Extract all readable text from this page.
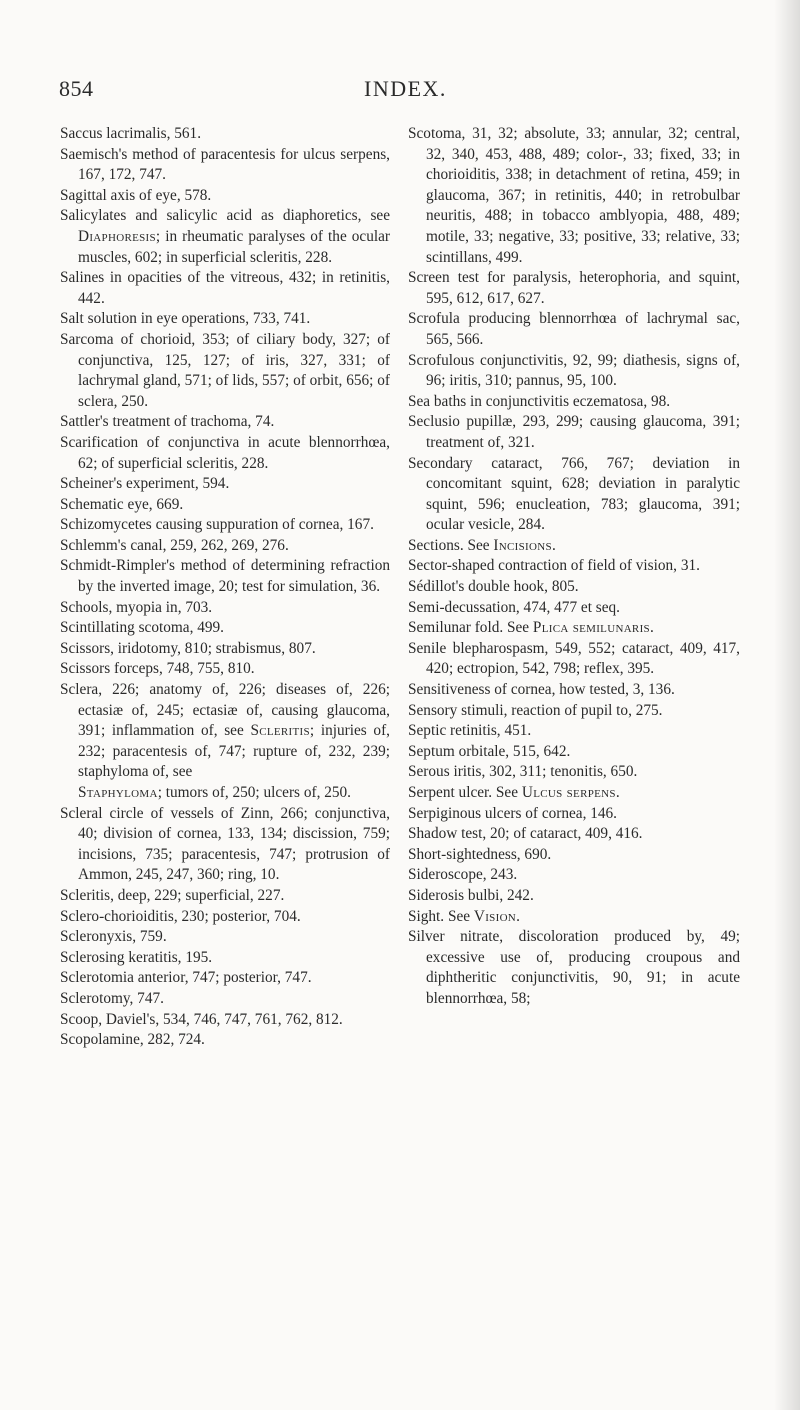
854	INDEX.

Saccus lacrimalis, 561.

Saemisch's method of paracentesis for ulcus serpens, 167, 172, 747.

Sagittal axis of eye, 578.

Salicylates and salicylic acid as diaphoretics, see Diaphoresis; in rheumatic paralyses of the ocular muscles, 602; in superficial scleritis, 228.

Salines in opacities of the vitreous, 432; in retinitis, 442.

Salt solution in eye operations, 733, 741.

Sarcoma of chorioid, 353; of ciliary body, 327; of conjunctiva, 125, 127; of iris, 327, 331; of lachrymal gland, 571; of lids, 557; of orbit, 656; of sclera, 250.

Sattler's treatment of trachoma, 74.

Scarification of conjunctiva in acute blennorrhœa, 62; of superficial scleritis, 228.

Scheiner's experiment, 594.

Schematic eye, 669.

Schizomycetes causing suppuration of cornea, 167.

Schlemm's canal, 259, 262, 269, 276.

Schmidt-Rimpler's method of determining refraction by the inverted image, 20; test for simulation, 36.

Schools, myopia in, 703.

Scintillating scotoma, 499.

Scissors, iridotomy, 810; strabismus, 807.

Scissors forceps, 748, 755, 810.

Sclera, 226; anatomy of, 226; diseases of, 226; ectasiæ of, 245; ectasiæ of, causing glaucoma, 391; inflammation of, see Scleritis; injuries of, 232; paracentesis of, 747; rupture of, 232, 239; staphyloma of, see

Staphyloma; tumors of, 250; ulcers of, 250.

Scleral circle of vessels of Zinn, 266; conjunctiva, 40; division of cornea, 133, 134; discission, 759; incisions, 735; paracentesis, 747; protrusion of Ammon, 245, 247, 360; ring, 10.

Scleritis, deep, 229; superficial, 227.

Sclero-chorioiditis, 230; posterior, 704.

Scleronyxis, 759.

Sclerosing keratitis, 195.

Sclerotomia anterior, 747; posterior, 747.

Sclerotomy, 747.

Scoop, Daviel's, 534, 746, 747, 761, 762, 812.

Scopolamine, 282, 724.

Scotoma, 31, 32; absolute, 33; annular, 32; central, 32, 340, 453, 488, 489; color-, 33; fixed, 33; in chorioiditis, 338; in detachment of retina, 459; in glaucoma, 367; in retinitis, 440; in retrobulbar neuritis, 488; in tobacco amblyopia, 488, 489; motile, 33; negative, 33; positive, 33; relative, 33; scintillans, 499.

Screen test for paralysis, heterophoria, and squint, 595, 612, 617, 627.

Scrofula producing blennorrhœa of lachrymal sac, 565, 566.

Scrofulous conjunctivitis, 92, 99; diathesis, signs of, 96; iritis, 310; pannus, 95, 100.

Sea baths in conjunctivitis eczematosa, 98.

Seclusio pupillæ, 293, 299; causing glaucoma, 391; treatment of, 321.

Secondary cataract, 766, 767; deviation in concomitant squint, 628; deviation in paralytic squint, 596; enucleation, 783; glaucoma, 391; ocular vesicle, 284.

Sections. See Incisions.

Sector-shaped contraction of field of vision, 31.

Sédillot's double hook, 805.

Semi-decussation, 474, 477 et seq.

Semilunar fold. See Plica semilunaris.

Senile blepharospasm, 549, 552; cataract, 409, 417, 420; ectropion, 542, 798; reflex, 395.

Sensitiveness of cornea, how tested, 3, 136.

Sensory stimuli, reaction of pupil to, 275.

Septic retinitis, 451.

Septum orbitale, 515, 642.

Serous iritis, 302, 311; tenonitis, 650.

Serpent ulcer. See Ulcus serpens.

Serpiginous ulcers of cornea, 146.

Shadow test, 20; of cataract, 409, 416.

Short-sightedness, 690.

Sideroscope, 243.

Siderosis bulbi, 242.

Sight. See Vision.

Silver nitrate, discoloration produced by, 49; excessive use of, producing croupous and diphtheritic conjunctivitis, 90, 91; in acute blennorrhœa, 58;
